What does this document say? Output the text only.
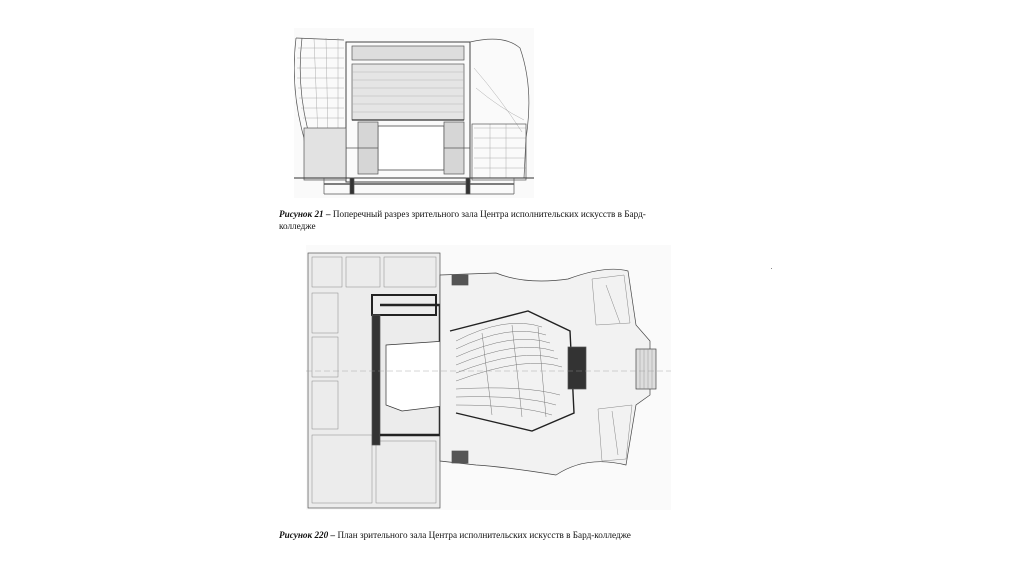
Рисунок 21 – Поперечный разрез зрительного зала Центра исполнительских искусств в Бард-колледже
Рисунок 220 – План зрительного зала Центра исполнительских искусств в Бард-колледже
